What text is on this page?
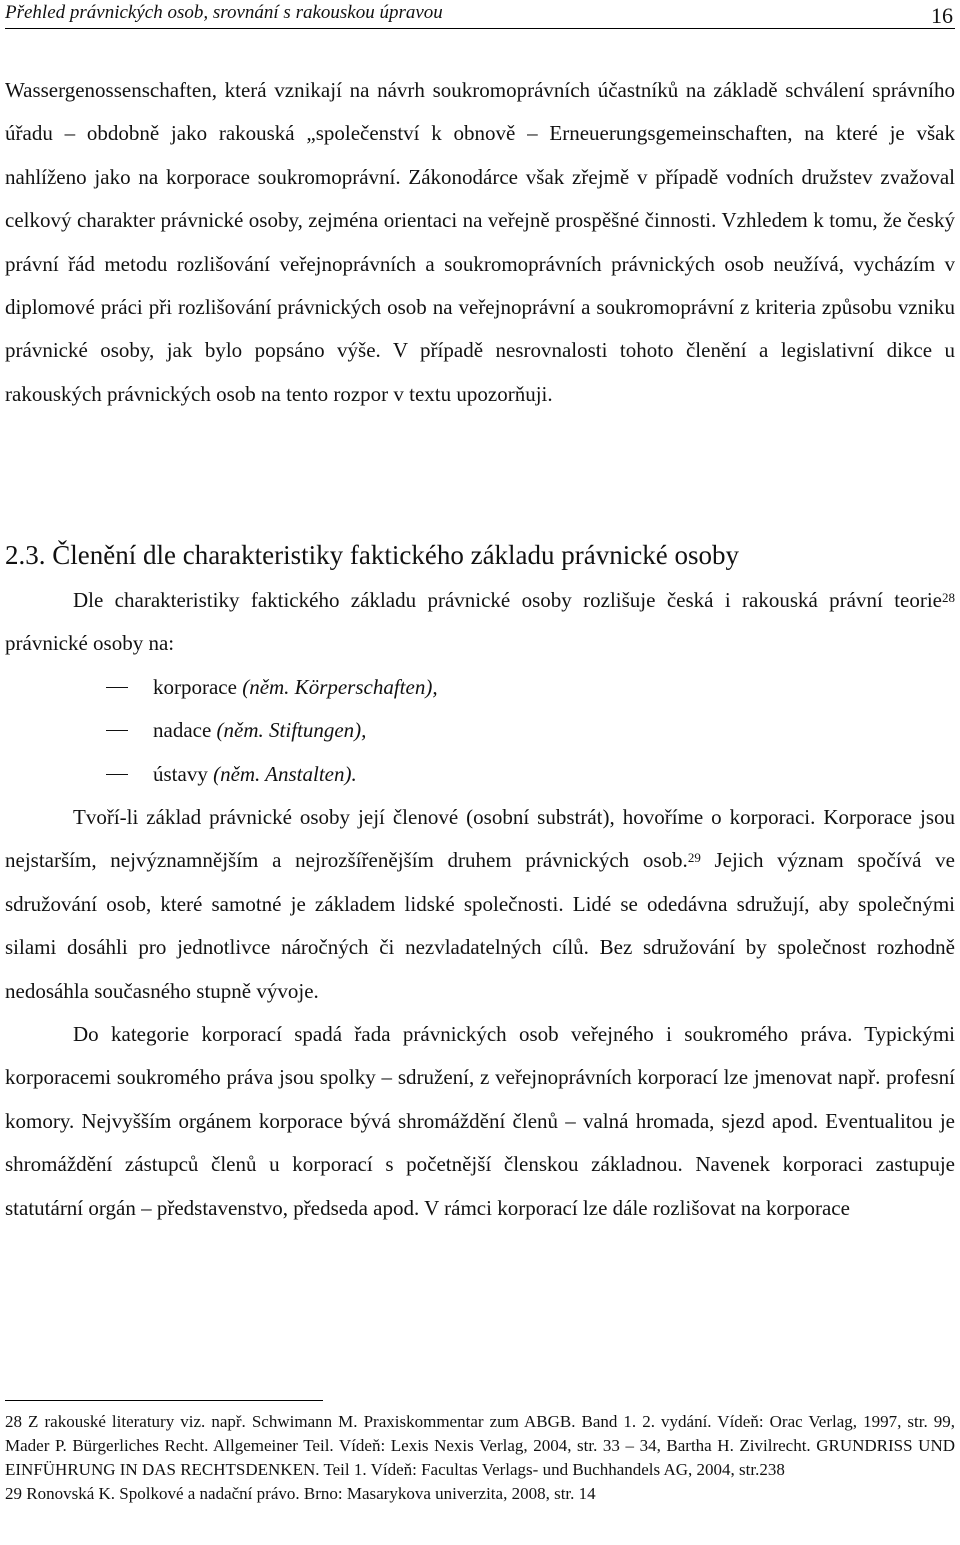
Přehled právnických osob, srovnání s rakouskou úpravou	16

Wassergenossenschaften, která vznikají na návrh soukromoprávních účastníků na základě schválení správního úřadu – obdobně jako rakouská „společenství k obnově – Erneuerungsgemeinschaften, na které je však nahlíženo jako na korporace soukromoprávní. Zákonodárce však zřejmě v případě vodních družstev zvažoval celkový charakter právnické osoby, zejména orientaci na veřejně prospěšné činnosti. Vzhledem k tomu, že český právní řád metodu rozlišování veřejnoprávních a soukromoprávních právnických osob neužívá, vycházím v diplomové práci při rozlišování právnických osob na veřejnoprávní a soukromoprávní z kriteria způsobu vzniku právnické osoby, jak bylo popsáno výše. V případě nesrovnalosti tohoto členění a legislativní dikce u rakouských právnických osob na tento rozpor v textu upozorňuji.

2.3. Členění dle charakteristiky faktického základu právnické osoby

Dle charakteristiky faktického základu právnické osoby rozlišuje česká i rakouská právní teorie$^{28}$ právnické osoby na:

korporace (něm. Körperschaften),
nadace (něm. Stiftungen),
ústavy (něm. Anstalten).

Tvoří-li základ právnické osoby její členové (osobní substrát), hovoříme o korporaci. Korporace jsou nejstarším, nejvýznamnějším a nejrozšířenějším druhem právnických osob.$^{29}$ Jejich význam spočívá ve sdružování osob, které samotné je základem lidské společnosti. Lidé se odedávna sdružují, aby společnými silami dosáhli pro jednotlivce náročných či nezvladatelných cílů. Bez sdružování by společnost rozhodně nedosáhla současného stupně vývoje.

Do kategorie korporací spadá řada právnických osob veřejného i soukromého práva. Typickými korporacemi soukromého práva jsou spolky – sdružení, z veřejnoprávních korporací lze jmenovat např. profesní komory. Nejvyšším orgánem korporace bývá shromáždění členů – valná hromada, sjezd apod. Eventualitou je shromáždění zástupců členů u korporací s početnější členskou základnou. Navenek korporaci zastupuje statutární orgán – představenstvo, předseda apod. V rámci korporací lze dále rozlišovat na korporace

28 Z rakouské literatury viz. např. Schwimann M. Praxiskommentar zum ABGB. Band 1. 2. vydání. Vídeň: Orac Verlag, 1997, str. 99, Mader P. Bürgerliches Recht. Allgemeiner Teil. Vídeň: Lexis Nexis Verlag, 2004, str. 33 – 34, Bartha H. Zivilrecht. GRUNDRISS UND EINFÜHRUNG IN DAS RECHTSDENKEN. Teil 1. Vídeň: Facultas Verlags- und Buchhandels AG, 2004, str.238

29 Ronovská K. Spolkové a nadační právo. Brno: Masarykova univerzita, 2008, str. 14
